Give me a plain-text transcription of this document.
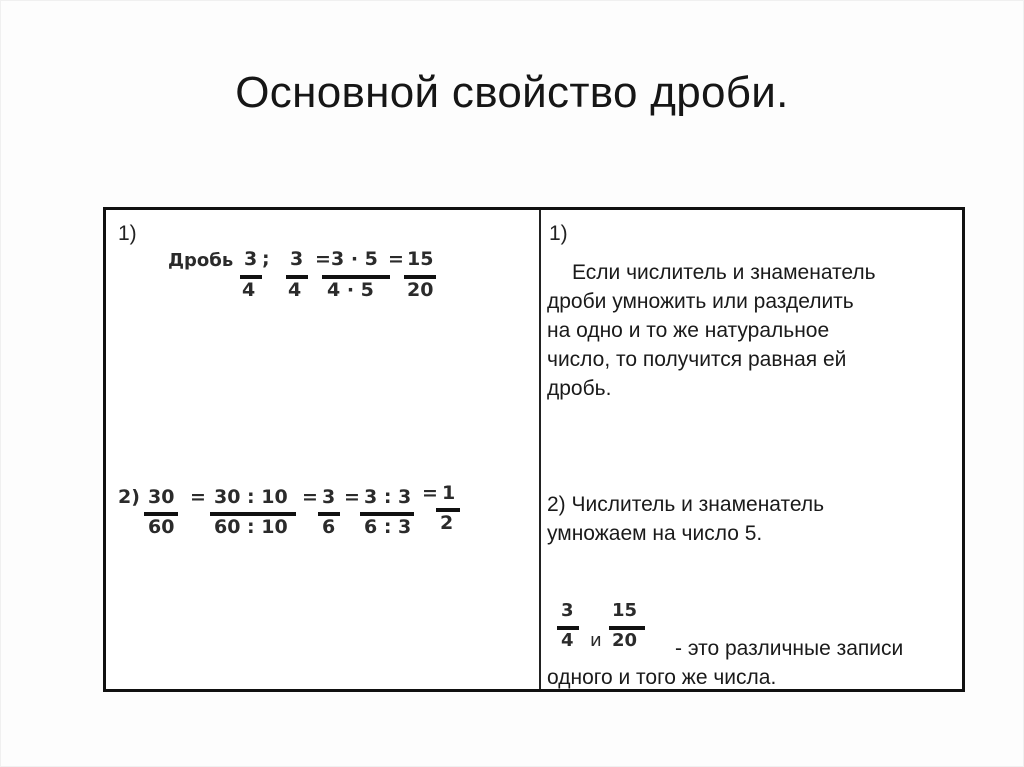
Основной свойство дроби.
1)
Дробь 3 ;
4
3
4
= 3 · 5
4 · 5
= 15
20
2) 30
60
= 30 : 10
60 : 10
= 3
6
= 3 : 3
6 : 3
= 1
2
1)
Если числитель и знаменатель
дроби умножить или разделить
на одно и то же натуральное
число, то получится равная ей
дробь.
2) Числитель и знаменатель
умножаем на число 5.
3
4 и
15
20	- это различные записи
одного и того же числа.
